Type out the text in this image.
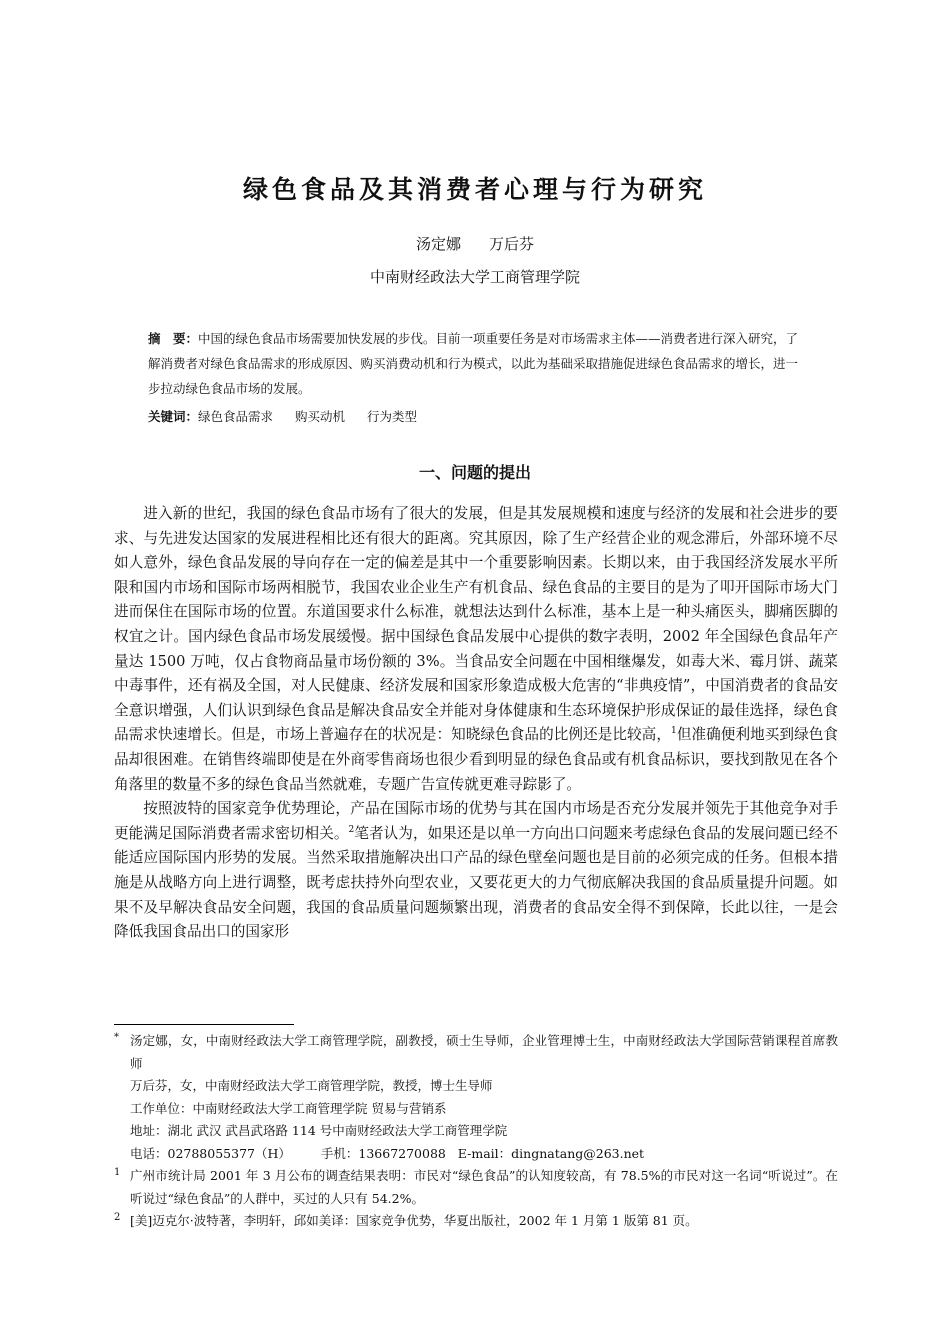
绿色食品及其消费者心理与行为研究
汤定娜 万后芬
中南财经政法大学工商管理学院
摘　要：中国的绿色食品市场需要加快发展的步伐。目前一项重要任务是对市场需求主体——消费者进行深入研究，了解消费者对绿色食品需求的形成原因、购买消费动机和行为模式，以此为基础采取措施促进绿色食品需求的增长，进一步拉动绿色食品市场的发展。
关键词：绿色食品需求 购买动机 行为类型
一、问题的提出

进入新的世纪，我国的绿色食品市场有了很大的发展，但是其发展规模和速度与经济的发展和社会进步的要求、与先进发达国家的发展进程相比还有很大的距离。究其原因，除了生产经营企业的观念滞后，外部环境不尽如人意外，绿色食品发展的导向存在一定的偏差是其中一个重要影响因素。长期以来，由于我国经济发展水平所限和国内市场和国际市场两相脱节，我国农业企业生产有机食品、绿色食品的主要目的是为了叩开国际市场大门进而保住在国际市场的位置。东道国要求什么标准，就想法达到什么标准，基本上是一种头痛医头，脚痛医脚的权宜之计。国内绿色食品市场发展缓慢。据中国绿色食品发展中心提供的数字表明，2002 年全国绿色食品年产量达 1500 万吨，仅占食物商品量市场份额的 3%。当食品安全问题在中国相继爆发，如毒大米、霉月饼、蔬菜中毒事件，还有祸及全国，对人民健康、经济发展和国家形象造成极大危害的“非典疫情”，中国消费者的食品安全意识增强，人们认识到绿色食品是解决食品安全并能对身体健康和生态环境保护形成保证的最佳选择，绿色食品需求快速增长。但是，市场上普遍存在的状况是：知晓绿色食品的比例还是比较高，$^1$但准确便利地买到绿色食品却很困难。在销售终端即使是在外商零售商场也很少看到明显的绿色食品或有机食品标识，要找到散见在各个角落里的数量不多的绿色食品当然就难，专题广告宣传就更难寻踪影了。

按照波特的国家竞争优势理论，产品在国际市场的优势与其在国内市场是否充分发展并领先于其他竞争对手更能满足国际消费者需求密切相关。$^2$笔者认为，如果还是以单一方向出口问题来考虑绿色食品的发展问题已经不能适应国际国内形势的发展。当然采取措施解决出口产品的绿色壁垒问题也是目前的必须完成的任务。但根本措施是从战略方向上进行调整，既考虑扶持外向型农业，又要花更大的力气彻底解决我国的食品质量提升问题。如果不及早解决食品安全问题，我国的食品质量问题频繁出现，消费者的食品安全得不到保障，长此以往，一是会降低我国食品出口的国家形

* 汤定娜，女，中南财经政法大学工商管理学院，副教授，硕士生导师，企业管理博士生，中南财经政法大学国际营销课程首席教师
万后芬，女，中南财经政法大学工商管理学院，教授，博士生导师
工作单位：中南财经政法大学工商管理学院 贸易与营销系
地址：湖北 武汉 武昌武珞路 114 号中南财经政法大学工商管理学院
电话：02788055377（H） 手机：13667270088 E-mail：dingnatang@263.net
1 广州市统计局 2001 年 3 月公布的调查结果表明：市民对“绿色食品”的认知度较高，有 78.5%的市民对这一名词“听说过”。在听说过“绿色食品”的人群中，买过的人只有 54.2%。
2 [美]迈克尔·波特著，李明轩，邱如美译：国家竞争优势，华夏出版社，2002 年 1 月第 1 版第 81 页。
